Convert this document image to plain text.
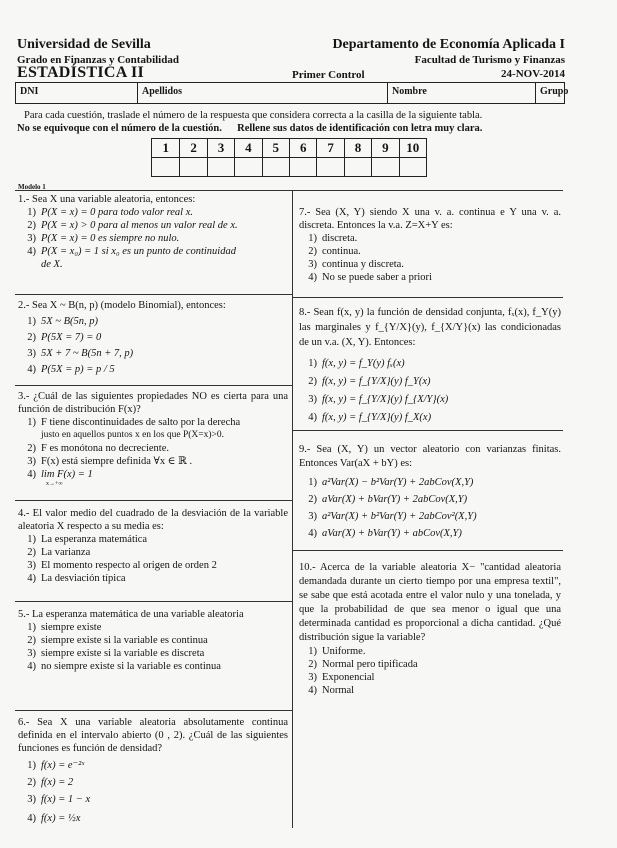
Universidad de Sevilla	Departamento de Economía Aplicada I
Grado en Finanzas y Contabilidad	Facultad de Turismo y Finanzas
ESTADÍSTICA II	Primer Control	24-NOV-2014
DNI	Apellidos	Nombre	Grupo
Para cada cuestión, traslade el número de la respuesta que considera correcta a la casilla de la siguiente tabla.
No se equivoque con el número de la cuestión. Rellene sus datos de identificación con letra muy clara.
1	2	3	4	5	6	7	8	9	10
Modelo 1
1.- Sea X una variable aleatoria, entonces:
1) P(X = x) = 0 para todo valor real x.
2) P(X = x) > 0 para al menos un valor real de x.
3) P(X = x) = 0 es siempre no nulo.
4) P(X = x₀) = 1 si x₀ es un punto de continuidad
de X.
2.- Sea X ~ B(n, p) (modelo Binomial), entonces:
1) 5X ~ B(5n, p)
2) P(5X = 7) = 0
3) 5X + 7 ~ B(5n + 7, p)
4) P(5X = p) = p / 5
3.- ¿Cuál de las siguientes propiedades NO es cierta para una función de distribución F(x)?
1) F tiene discontinuidades de salto por la derecha
justo en aquellos puntos x en los que P(X=x)>0.
2) F es monótona no decreciente.
3) F(x) está siempre definida ∀x ∈ ℝ .
4) lim F(x) = 1
x→+∞
4.- El valor medio del cuadrado de la desviación de la variable aleatoria X respecto a su media es:
1) La esperanza matemática
2) La varianza
3) El momento respecto al origen de orden 2
4) La desviación típica
5.- La esperanza matemática de una variable aleatoria
1) siempre existe
2) siempre existe si la variable es continua
3) siempre existe si la variable es discreta
4) no siempre existe si la variable es continua
6.- Sea X una variable aleatoria absolutamente continua definida en el intervalo abierto (0 , 2). ¿Cuál de las siguientes funciones es función de densidad?
1) f(x) = e⁻²ˣ
2) f(x) = 2
3) f(x) = 1 − x
4) f(x) = ½x
7.- Sea (X, Y) siendo X una v. a. continua e Y una v. a. discreta. Entonces la v.a. Z=X+Y es:
1) discreta.
2) continua.
3) continua y discreta.
4) No se puede saber a priori
8.- Sean f(x, y) la función de densidad conjunta, fₓ(x), f_Y(y) las marginales y f_{Y/X}(y), f_{X/Y}(x) las condicionadas de un v.a. (X, Y). Entonces:
1) f(x, y) = f_Y(y) fₓ(x)
2) f(x, y) = f_{Y/X}(y) f_Y(x)
3) f(x, y) = f_{Y/X}(y) f_{X/Y}(x)
4) f(x, y) = f_{Y/X}(y) f_X(x)
9.- Sea (X, Y) un vector aleatorio con varianzas finitas. Entonces Var(aX + bY) es:
1) a²Var(X) − b²Var(Y) + 2abCov(X,Y)
2) aVar(X) + bVar(Y) + 2abCov(X,Y)
3) a²Var(X) + b²Var(Y) + 2abCov²(X,Y)
4) aVar(X) + bVar(Y) + abCov(X,Y)
10.- Acerca de la variable aleatoria X− "cantidad aleatoria demandada durante un cierto tiempo por una empresa textil", se sabe que está acotada entre el valor nulo y una tonelada, y que la probabilidad de que sea menor o igual que una determinada cantidad es proporcional a dicha cantidad. ¿Qué distribución sigue la variable?
1) Uniforme.
2) Normal pero tipificada
3) Exponencial
4) Normal
